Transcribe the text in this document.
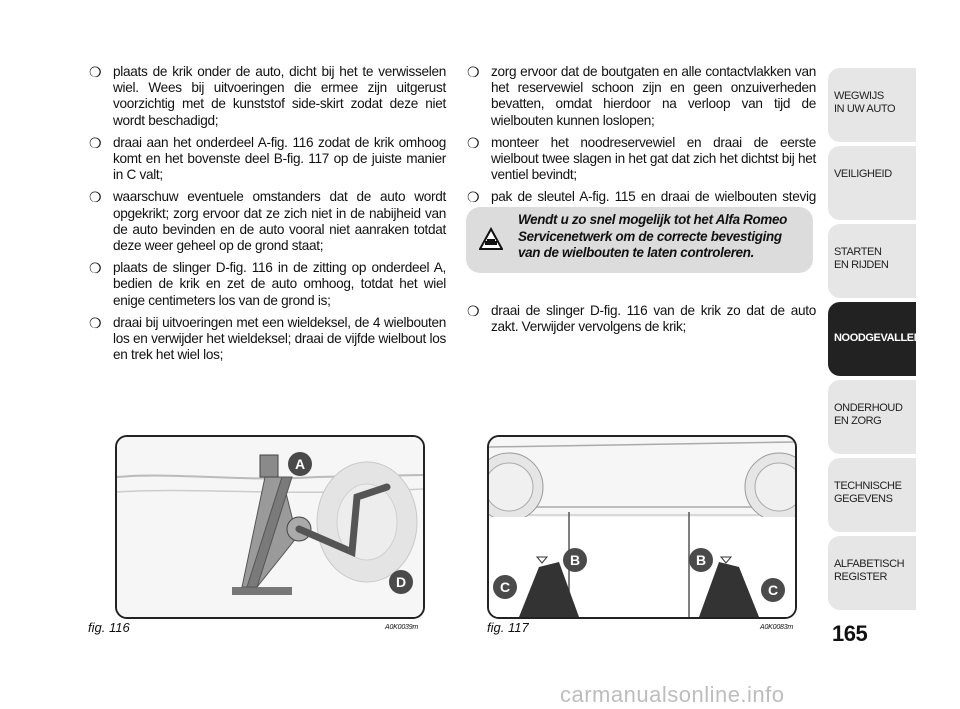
❍ plaats de krik onder de auto, dicht bij het te verwisselen wiel. Wees bij uitvoeringen die ermee zijn uitgerust voorzichtig met de kunststof side-skirt zodat deze niet wordt beschadigd;
❍ draai aan het onderdeel A-fig. 116 zodat de krik omhoog komt en het bovenste deel B-fig. 117 op de juiste manier in C valt;
❍ waarschuw eventuele omstanders dat de auto wordt opgekrikt; zorg ervoor dat ze zich niet in de nabijheid van de auto bevinden en de auto vooral niet aanraken totdat deze weer geheel op de grond staat;
❍ plaats de slinger D-fig. 116 in de zitting op onderdeel A, bedien de krik en zet de auto omhoog, totdat het wiel enige centimeters los van de grond is;
❍ draai bij uitvoeringen met een wieldeksel, de 4 wielbouten los en verwijder het wieldeksel; draai de vijfde wielbout los en trek het wiel los;
❍ zorg ervoor dat de boutgaten en alle contactvlakken van het reservewiel schoon zijn en geen onzuiverheden bevatten, omdat hierdoor na verloop van tijd de wielbouten kunnen loslopen;
❍ monteer het noodreservewiel en draai de eerste wielbout twee slagen in het gat dat zich het dichtst bij het ventiel bevindt;
❍ pak de sleutel A-fig. 115 en draai de wielbouten stevig
Wendt u zo snel mogelijk tot het Alfa Romeo Servicenetwerk om de correcte bevestiging van de wielbouten te laten controleren.
❍ draai de slinger D-fig. 116 van de krik zo dat de auto zakt. Verwijder vervolgens de krik;
A
D
fig. 116	A0K0039m
B
C
B
C
fig. 117	A0K0083m
WEGWIJS
IN UW AUTO
VEILIGHEID
STARTEN
EN RIJDEN
NOODGEVALLEN
ONDERHOUD
EN ZORG
TECHNISCHE
GEGEVENS
ALFABETISCH
REGISTER
165
carmanualsonline.info
